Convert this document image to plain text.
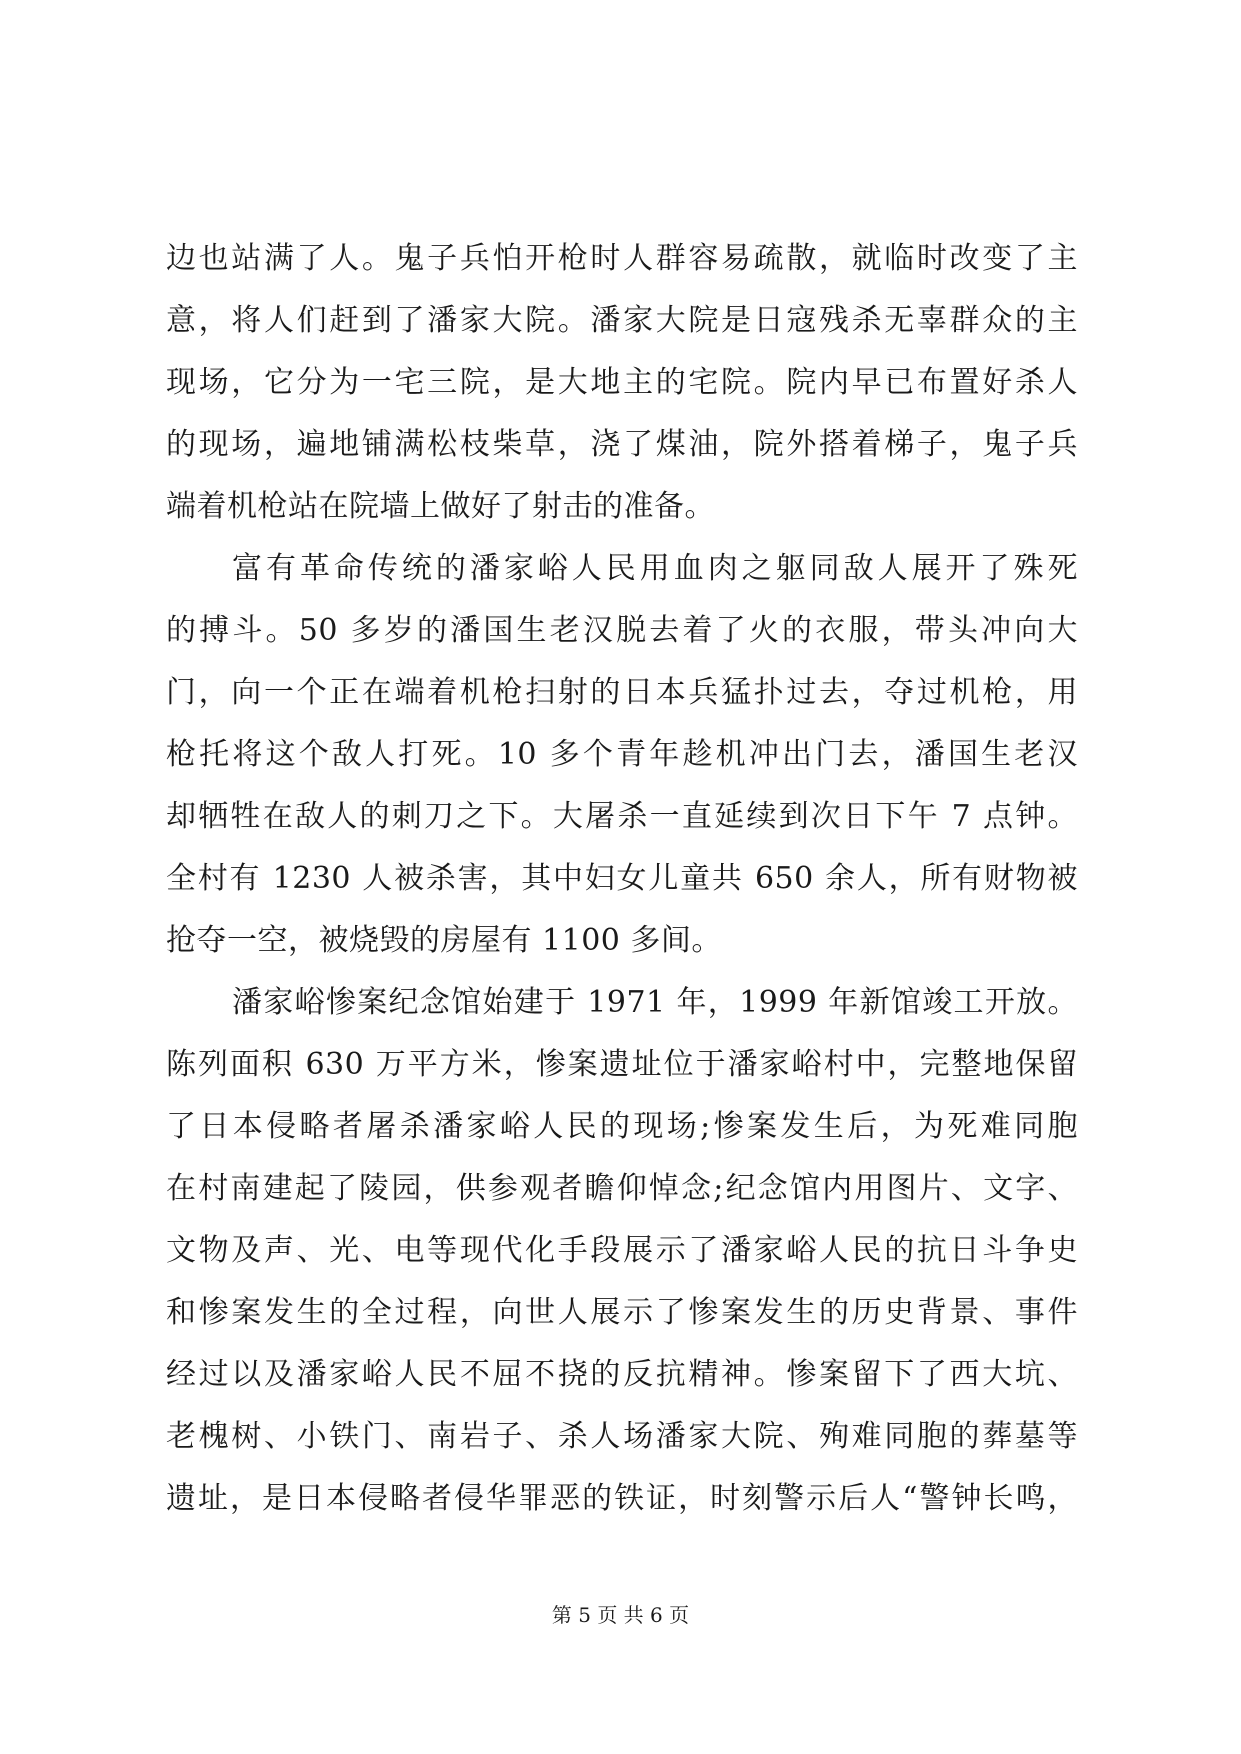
边也站满了人。鬼子兵怕开枪时人群容易疏散，就临时改变了主
意，将人们赶到了潘家大院。潘家大院是日寇残杀无辜群众的主
现场，它分为一宅三院，是大地主的宅院。院内早已布置好杀人
的现场，遍地铺满松枝柴草，浇了煤油，院外搭着梯子，鬼子兵
端着机枪站在院墙上做好了射击的准备。
富有革命传统的潘家峪人民用血肉之躯同敌人展开了殊死
的搏斗。50 多岁的潘国生老汉脱去着了火的衣服，带头冲向大
门，向一个正在端着机枪扫射的日本兵猛扑过去，夺过机枪，用
枪托将这个敌人打死。10 多个青年趁机冲出门去，潘国生老汉
却牺牲在敌人的刺刀之下。大屠杀一直延续到次日下午 7 点钟。
全村有 1230 人被杀害，其中妇女儿童共 650 余人，所有财物被
抢夺一空，被烧毁的房屋有 1100 多间。
潘家峪惨案纪念馆始建于 1971 年，1999 年新馆竣工开放。
陈列面积 630 万平方米，惨案遗址位于潘家峪村中，完整地保留
了日本侵略者屠杀潘家峪人民的现场;惨案发生后，为死难同胞
在村南建起了陵园，供参观者瞻仰悼念;纪念馆内用图片、文字、
文物及声、光、电等现代化手段展示了潘家峪人民的抗日斗争史
和惨案发生的全过程，向世人展示了惨案发生的历史背景、事件
经过以及潘家峪人民不屈不挠的反抗精神。惨案留下了西大坑、
老槐树、小铁门、南岩子、杀人场潘家大院、殉难同胞的葬墓等
遗址，是日本侵略者侵华罪恶的铁证，时刻警示后人“警钟长鸣，
第 5 页 共 6 页
